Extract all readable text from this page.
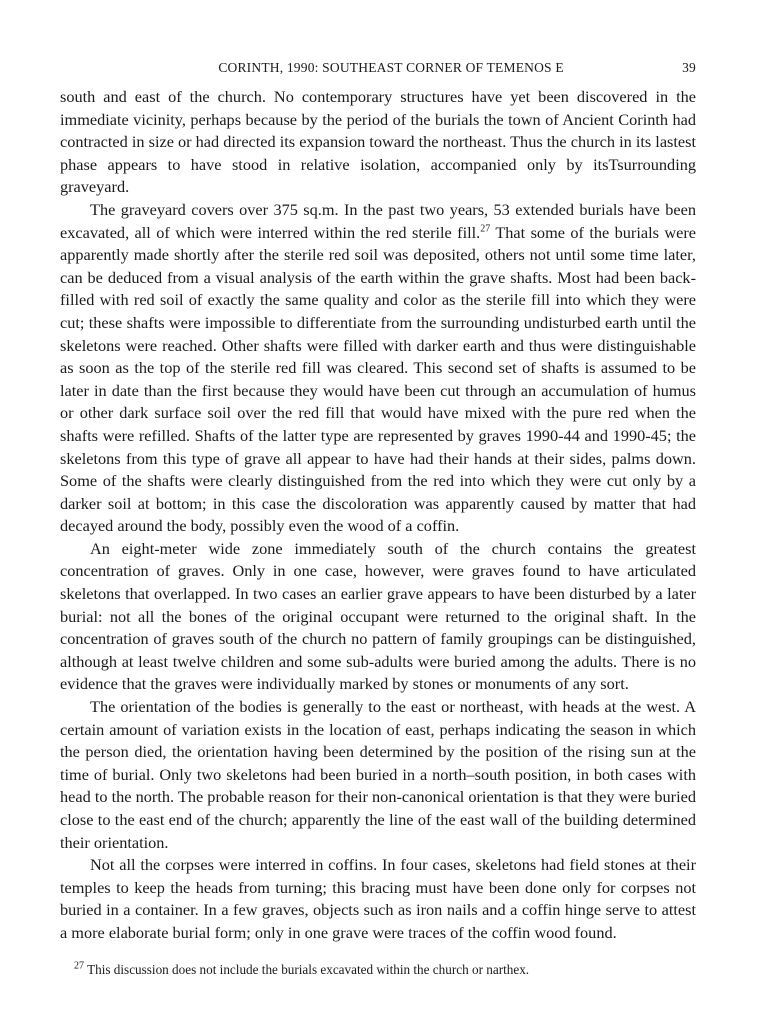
CORINTH, 1990: SOUTHEAST CORNER OF TEMENOS E	39

south and east of the church. No contemporary structures have yet been discovered in the immediate vicinity, perhaps because by the period of the burials the town of Ancient Corinth had contracted in size or had directed its expansion toward the northeast. Thus the church in its lastest phase appears to have stood in relative isolation, accompanied only by itsTsurrounding graveyard.

The graveyard covers over 375 sq.m. In the past two years, 53 extended burials have been excavated, all of which were interred within the red sterile fill.$^{27}$ That some of the burials were apparently made shortly after the sterile red soil was deposited, others not until some time later, can be deduced from a visual analysis of the earth within the grave shafts. Most had been back-filled with red soil of exactly the same quality and color as the sterile fill into which they were cut; these shafts were impossible to differentiate from the surrounding undisturbed earth until the skeletons were reached. Other shafts were filled with darker earth and thus were distinguishable as soon as the top of the sterile red fill was cleared. This second set of shafts is assumed to be later in date than the first because they would have been cut through an accumulation of humus or other dark surface soil over the red fill that would have mixed with the pure red when the shafts were refilled. Shafts of the latter type are represented by graves 1990-44 and 1990-45; the skeletons from this type of grave all appear to have had their hands at their sides, palms down. Some of the shafts were clearly distinguished from the red into which they were cut only by a darker soil at bottom; in this case the discoloration was apparently caused by matter that had decayed around the body, possibly even the wood of a coffin.

An eight-meter wide zone immediately south of the church contains the greatest concentration of graves. Only in one case, however, were graves found to have articulated skeletons that overlapped. In two cases an earlier grave appears to have been disturbed by a later burial: not all the bones of the original occupant were returned to the original shaft. In the concentration of graves south of the church no pattern of family groupings can be distinguished, although at least twelve children and some sub-adults were buried among the adults. There is no evidence that the graves were individually marked by stones or monuments of any sort.

The orientation of the bodies is generally to the east or northeast, with heads at the west. A certain amount of variation exists in the location of east, perhaps indicating the season in which the person died, the orientation having been determined by the position of the rising sun at the time of burial. Only two skeletons had been buried in a north–south position, in both cases with head to the north. The probable reason for their non-canonical orientation is that they were buried close to the east end of the church; apparently the line of the east wall of the building determined their orientation.

Not all the corpses were interred in coffins. In four cases, skeletons had field stones at their temples to keep the heads from turning; this bracing must have been done only for corpses not buried in a container. In a few graves, objects such as iron nails and a coffin hinge serve to attest a more elaborate burial form; only in one grave were traces of the coffin wood found.

$^{27}$ This discussion does not include the burials excavated within the church or narthex.
